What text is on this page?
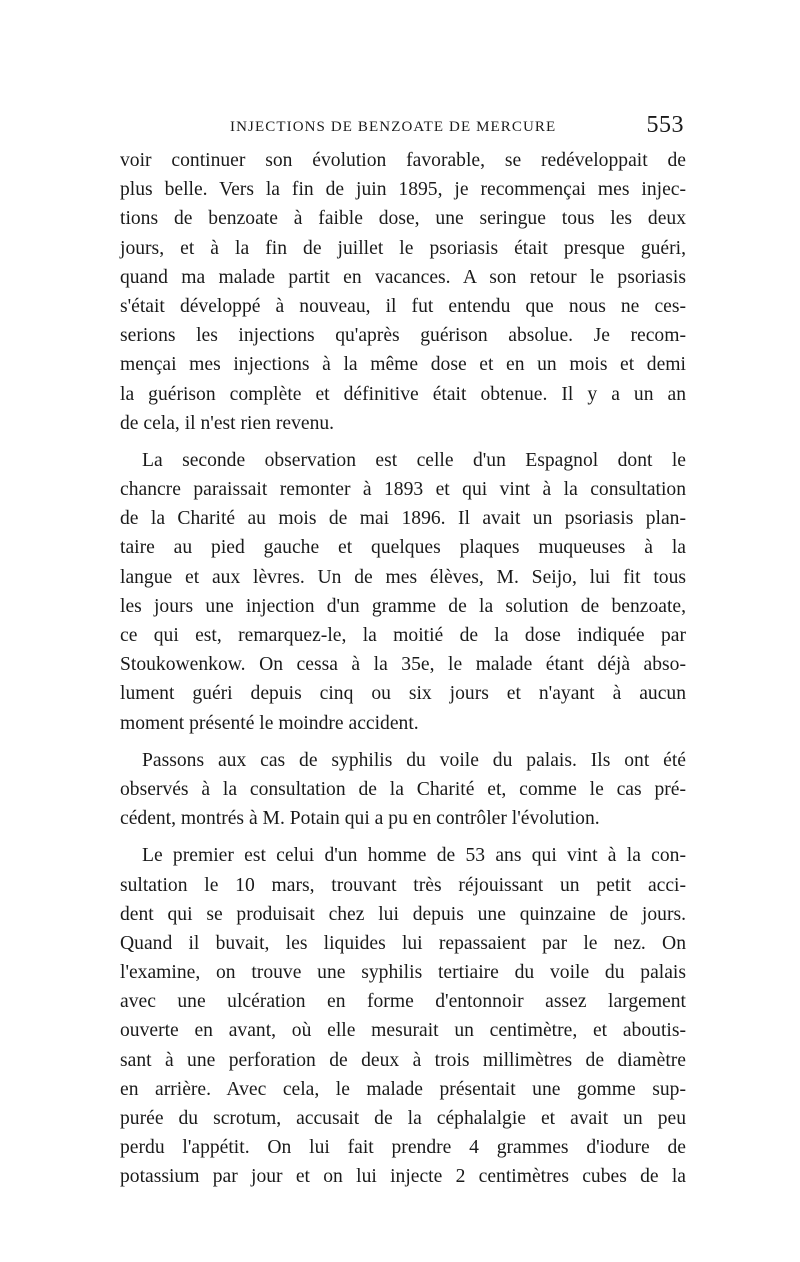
INJECTIONS DE BENZOATE DE MERCURE	553

voir continuer son évolution favorable, se redéveloppait de
plus belle. Vers la fin de juin 1895, je recommençai mes injec-
tions de benzoate à faible dose, une seringue tous les deux
jours, et à la fin de juillet le psoriasis était presque guéri,
quand ma malade partit en vacances. A son retour le psoriasis
s'était développé à nouveau, il fut entendu que nous ne ces-
serions les injections qu'après guérison absolue. Je recom-
mençai mes injections à la même dose et en un mois et demi
la guérison complète et définitive était obtenue. Il y a un an
de cela, il n'est rien revenu.

La seconde observation est celle d'un Espagnol dont le
chancre paraissait remonter à 1893 et qui vint à la consultation
de la Charité au mois de mai 1896. Il avait un psoriasis plan-
taire au pied gauche et quelques plaques muqueuses à la
langue et aux lèvres. Un de mes élèves, M. Seijo, lui fit tous
les jours une injection d'un gramme de la solution de benzoate,
ce qui est, remarquez-le, la moitié de la dose indiquée par
Stoukowenkow. On cessa à la 35e, le malade étant déjà abso-
lument guéri depuis cinq ou six jours et n'ayant à aucun
moment présenté le moindre accident.

Passons aux cas de syphilis du voile du palais. Ils ont été
observés à la consultation de la Charité et, comme le cas pré-
cédent, montrés à M. Potain qui a pu en contrôler l'évolution.

Le premier est celui d'un homme de 53 ans qui vint à la con-
sultation le 10 mars, trouvant très réjouissant un petit acci-
dent qui se produisait chez lui depuis une quinzaine de jours.
Quand il buvait, les liquides lui repassaient par le nez. On
l'examine, on trouve une syphilis tertiaire du voile du palais
avec une ulcération en forme d'entonnoir assez largement
ouverte en avant, où elle mesurait un centimètre, et aboutis-
sant à une perforation de deux à trois millimètres de diamètre
en arrière. Avec cela, le malade présentait une gomme sup-
purée du scrotum, accusait de la céphalalgie et avait un peu
perdu l'appétit. On lui fait prendre 4 grammes d'iodure de
potassium par jour et on lui injecte 2 centimètres cubes de la
